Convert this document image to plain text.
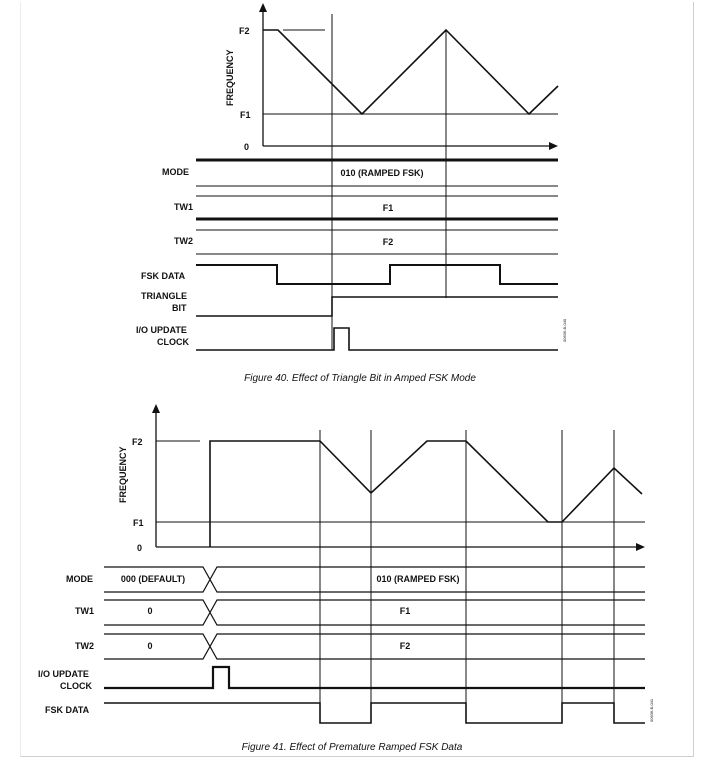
FREQUENCY
F2
F1
0
MODE	010 (RAMPED FSK)
TW1	F1
TW2	F2
FSK DATA
TRIANGLE
BIT
I/O UPDATE
CLOCK	00636-B-040
Figure 40. Effect of Triangle Bit in Amped FSK Mode
FREQUENCY
F2
F1
0
MODE	000 (DEFAULT)	010 (RAMPED FSK)
TW1	0	F1
TW2	0	F2
I/O UPDATE
CLOCK
FSK DATA	00636-B-041
Figure 41. Effect of Premature Ramped FSK Data
